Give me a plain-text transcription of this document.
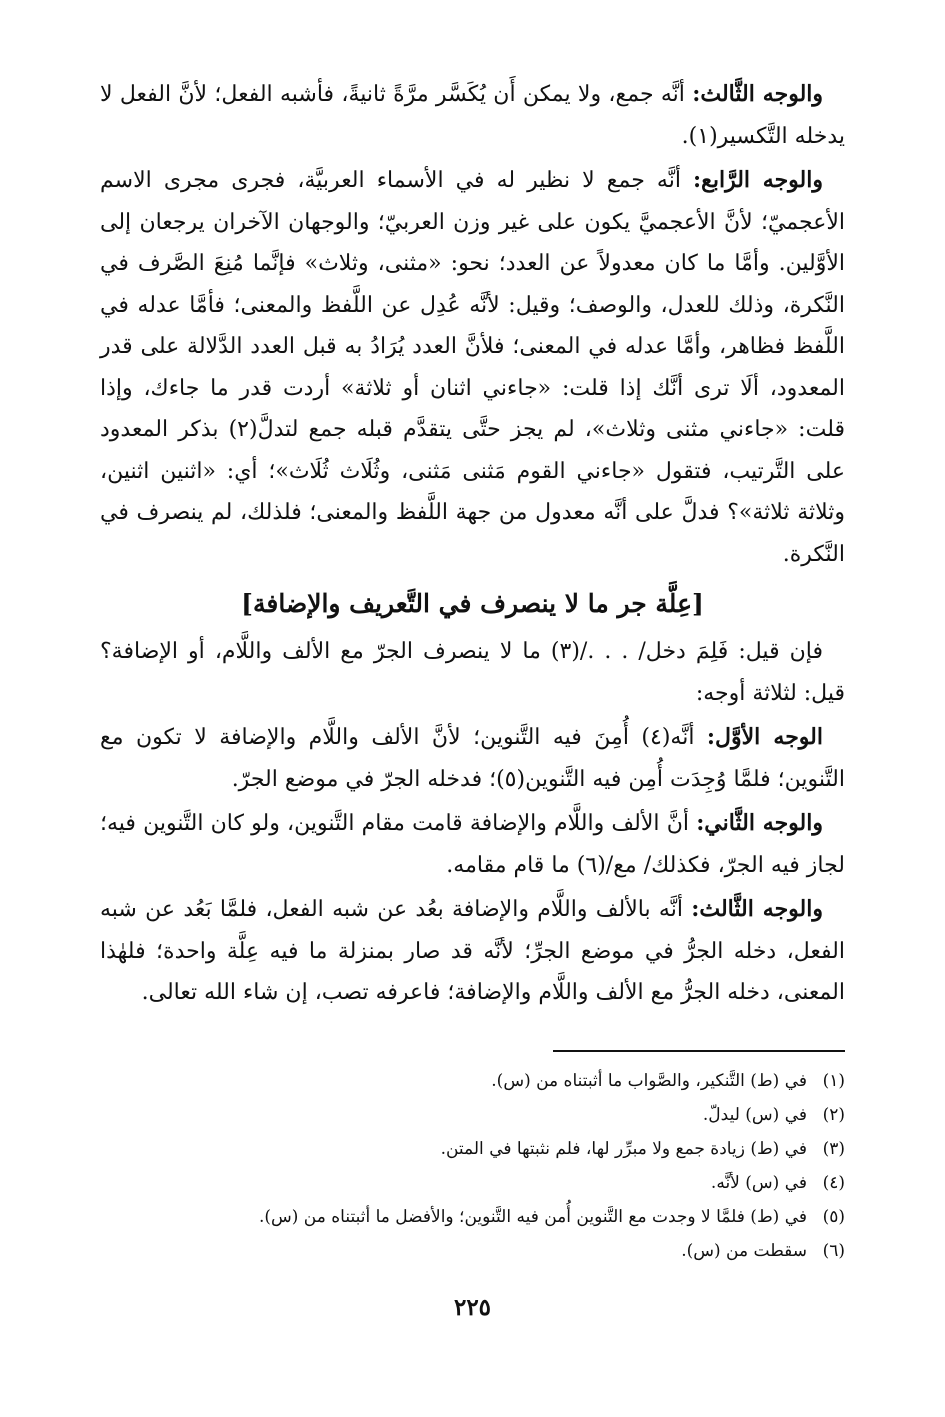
والوجه الثَّالث: أنَّه جمع، ولا يمكن أَن يُكَسَّر مرَّةً ثانيةً، فأشبه الفعل؛ لأنَّ الفعل لا يدخله التَّكسير(١).

والوجه الرَّابع: أنَّه جمع لا نظير له في الأسماء العربيَّة، فجرى مجرى الاسم الأعجميّ؛ لأنَّ الأعجميَّ يكون على غير وزن العربيّ؛ والوجهان الآخران يرجعان إلى الأوَّلين. وأمَّا ما كان معدولاً عن العدد؛ نحو: «مثنى، وثلاث» فإنَّما مُنِعَ الصَّرف في النَّكرة، وذلك للعدل، والوصف؛ وقيل: لأنَّه عُدِل عن اللَّفظ والمعنى؛ فأمَّا عدله في اللَّفظ فظاهر، وأمَّا عدله في المعنى؛ فلأنَّ العدد يُرَادُ به قبل العدد الدَّلالة على قدر المعدود، ألَا ترى أنَّك إذا قلت: «جاءني اثنان أو ثلاثة» أردت قدر ما جاءك، وإذا قلت: «جاءني مثنى وثلاث»، لم يجز حتَّى يتقدَّم قبله جمع لتدلَّ(٢) بذكر المعدود على التَّرتيب، فتقول «جاءني القوم مَثنى مَثنى، وثُلَاث ثُلَاث»؛ أي: «اثنين اثنين، وثلاثة ثلاثة»؟ فدلَّ على أنَّه معدول من جهة اللَّفظ والمعنى؛ فلذلك، لم ينصرف في النَّكرة.

[عِلَّة جر ما لا ينصرف في التَّعريف والإضافة]

فإن قيل: فَلِمَ دخل/ . . ./(٣) ما لا ينصرف الجرّ مع الألف واللَّام، أو الإضافة؟ قيل: لثلاثة أوجه:

الوجه الأوَّل: أنَّه(٤) أُمِنَ فيه التَّنوين؛ لأنَّ الألف واللَّام والإضافة لا تكون مع التَّنوين؛ فلمَّا وُجِدَت أُمِن فيه التَّنوين(٥)؛ فدخله الجرّ في موضع الجرّ.

والوجه الثَّاني: أنَّ الألف واللَّام والإضافة قامت مقام التَّنوين، ولو كان التَّنوين فيه؛ لجاز فيه الجرّ، فكذلك/ مع/(٦) ما قام مقامه.

والوجه الثَّالث: أنَّه بالألف واللَّام والإضافة بعُد عن شبه الفعل، فلمَّا بَعُد عن شبه الفعل، دخله الجرُّ في موضع الجرِّ؛ لأنَّه قد صار بمنزلة ما فيه عِلَّة واحدة؛ فلهٰذا المعنى، دخله الجرُّ مع الألف واللَّام والإضافة؛ فاعرفه تصب، إن شاء الله تعالى.

(١)في (ط) التَّنكير، والصَّواب ما أثبتناه من (س).
(٢)في (س) ليدلّ.
(٣)في (ط) زيادة جمع ولا مبرِّر لها، فلم نثبتها في المتن.
(٤)في (س) لأنَّه.
(٥)في (ط) فلمَّا لا وجدت مع التَّنوين أُمن فيه التَّنوين؛ والأفضل ما أثبتناه من (س).
(٦)سقطت من (س).
٢٢٥
